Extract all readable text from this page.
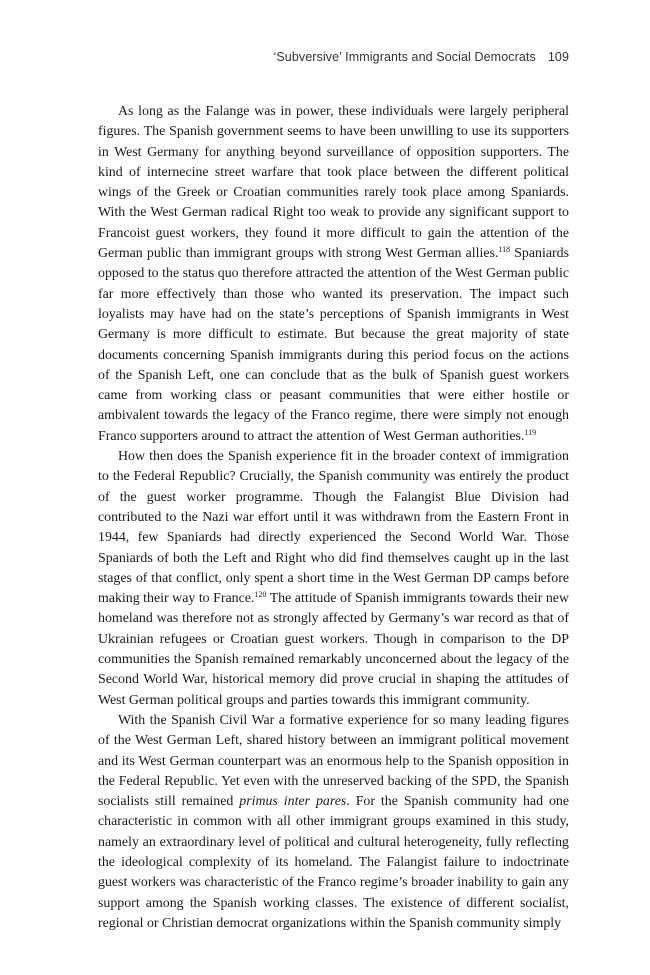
‘Subversive’ Immigrants and Social Democrats 109

As long as the Falange was in power, these individuals were largely peripheral figures. The Spanish government seems to have been unwilling to use its supporters in West Germany for anything beyond surveillance of opposition supporters. The kind of internecine street warfare that took place between the different political wings of the Greek or Croatian communities rarely took place among Spaniards. With the West German radical Right too weak to provide any significant support to Francoist guest workers, they found it more difficult to gain the attention of the German public than immigrant groups with strong West German allies.$^{118}$ Spaniards opposed to the status quo therefore attracted the attention of the West German public far more effectively than those who wanted its preservation. The impact such loyalists may have had on the state’s perceptions of Spanish immigrants in West Germany is more difficult to estimate. But because the great majority of state documents concerning Spanish immigrants during this period focus on the actions of the Spanish Left, one can conclude that as the bulk of Spanish guest workers came from working class or peasant communities that were either hostile or ambivalent towards the legacy of the Franco regime, there were simply not enough Franco supporters around to attract the attention of West German authorities.$^{119}$

How then does the Spanish experience fit in the broader context of immigration to the Federal Republic? Crucially, the Spanish community was entirely the product of the guest worker programme. Though the Falangist Blue Division had contributed to the Nazi war effort until it was withdrawn from the Eastern Front in 1944, few Spaniards had directly experienced the Second World War. Those Spaniards of both the Left and Right who did find themselves caught up in the last stages of that conflict, only spent a short time in the West German DP camps before making their way to France.$^{120}$ The attitude of Spanish immigrants towards their new homeland was therefore not as strongly affected by Germany’s war record as that of Ukrainian refugees or Croatian guest workers. Though in comparison to the DP communities the Spanish remained remarkably unconcerned about the legacy of the Second World War, historical memory did prove crucial in shaping the attitudes of West German political groups and parties towards this immigrant community.

With the Spanish Civil War a formative experience for so many leading figures of the West German Left, shared history between an immigrant political movement and its West German counterpart was an enormous help to the Spanish opposition in the Federal Republic. Yet even with the unreserved backing of the SPD, the Spanish socialists still remained primus inter pares. For the Spanish community had one characteristic in common with all other immigrant groups examined in this study, namely an extraordinary level of political and cultural heterogeneity, fully reflecting the ideological complexity of its homeland. The Falangist failure to indoctrinate guest workers was characteristic of the Franco regime’s broader inability to gain any support among the Spanish working classes. The existence of different socialist, regional or Christian democrat organizations within the Spanish community simply
